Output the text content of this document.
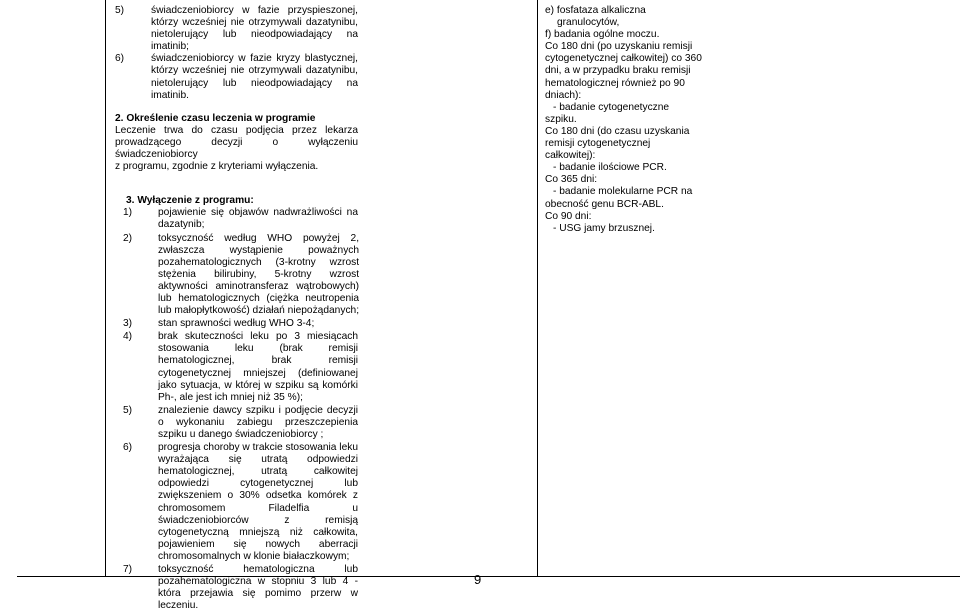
5)	świadczeniobiorcy w fazie przyspieszonej,
którzy wcześniej nie otrzymywali dazatynibu,
nietolerujący lub nieodpowiadający na
imatinib;
6)	świadczeniobiorcy w fazie kryzy blastycznej,
którzy wcześniej nie otrzymywali dazatynibu,
nietolerujący lub nieodpowiadający na
imatinib.
2. Określenie czasu leczenia w programie
Leczenie trwa do czasu podjęcia przez lekarza
prowadzącego decyzji o wyłączeniu świadczeniobiorcy
z programu, zgodnie z kryteriami wyłączenia.
3. Wyłączenie z programu:
1)	pojawienie się objawów nadwrażliwości na
dazatynib;
2)	toksyczność według WHO powyżej 2,
zwłaszcza wystąpienie poważnych
pozahematologicznych (3-krotny wzrost
stężenia bilirubiny, 5-krotny wzrost
aktywności aminotransferaz wątrobowych)
lub hematologicznych (ciężka neutropenia
lub małopłytkowość) działań niepożądanych;
3)	stan sprawności według WHO 3-4;
4)	brak skuteczności leku po 3 miesiącach
stosowania leku (brak remisji
hematologicznej, brak remisji
cytogenetycznej mniejszej (definiowanej
jako sytuacja, w której w szpiku są komórki
Ph-, ale jest ich mniej niż 35 %);
5)	znalezienie dawcy szpiku i podjęcie decyzji
o wykonaniu zabiegu przeszczepienia
szpiku u danego świadczeniobiorcy ;
6)	progresja choroby w trakcie stosowania leku
wyrażająca się utratą odpowiedzi
hematologicznej, utratą całkowitej
odpowiedzi cytogenetycznej lub
zwiększeniem o 30% odsetka komórek z
chromosomem Filadelfia u
świadczeniobiorców z remisją
cytogenetyczną mniejszą niż całkowita,
pojawieniem się nowych aberracji
chromosomalnych w klonie białaczkowym;
7)	toksyczność hematologiczna lub
pozahematologiczna w stopniu 3 lub 4 -
która przejawia się pomimo przerw w
leczeniu.
e) fosfataza alkaliczna
granulocytów,
f) badania ogólne moczu.
Co 180 dni (po uzyskaniu remisji
cytogenetycznej całkowitej) co 360
dni, a w przypadku braku remisji
hematologicznej również po 90
dniach):
- badanie cytogenetyczne
szpiku.
Co 180 dni (do czasu uzyskania
remisji cytogenetycznej
całkowitej):
- badanie ilościowe PCR.
Co 365 dni:
- badanie molekularne PCR na
obecność genu BCR-ABL.
Co 90 dni:
- USG jamy brzusznej.
9
